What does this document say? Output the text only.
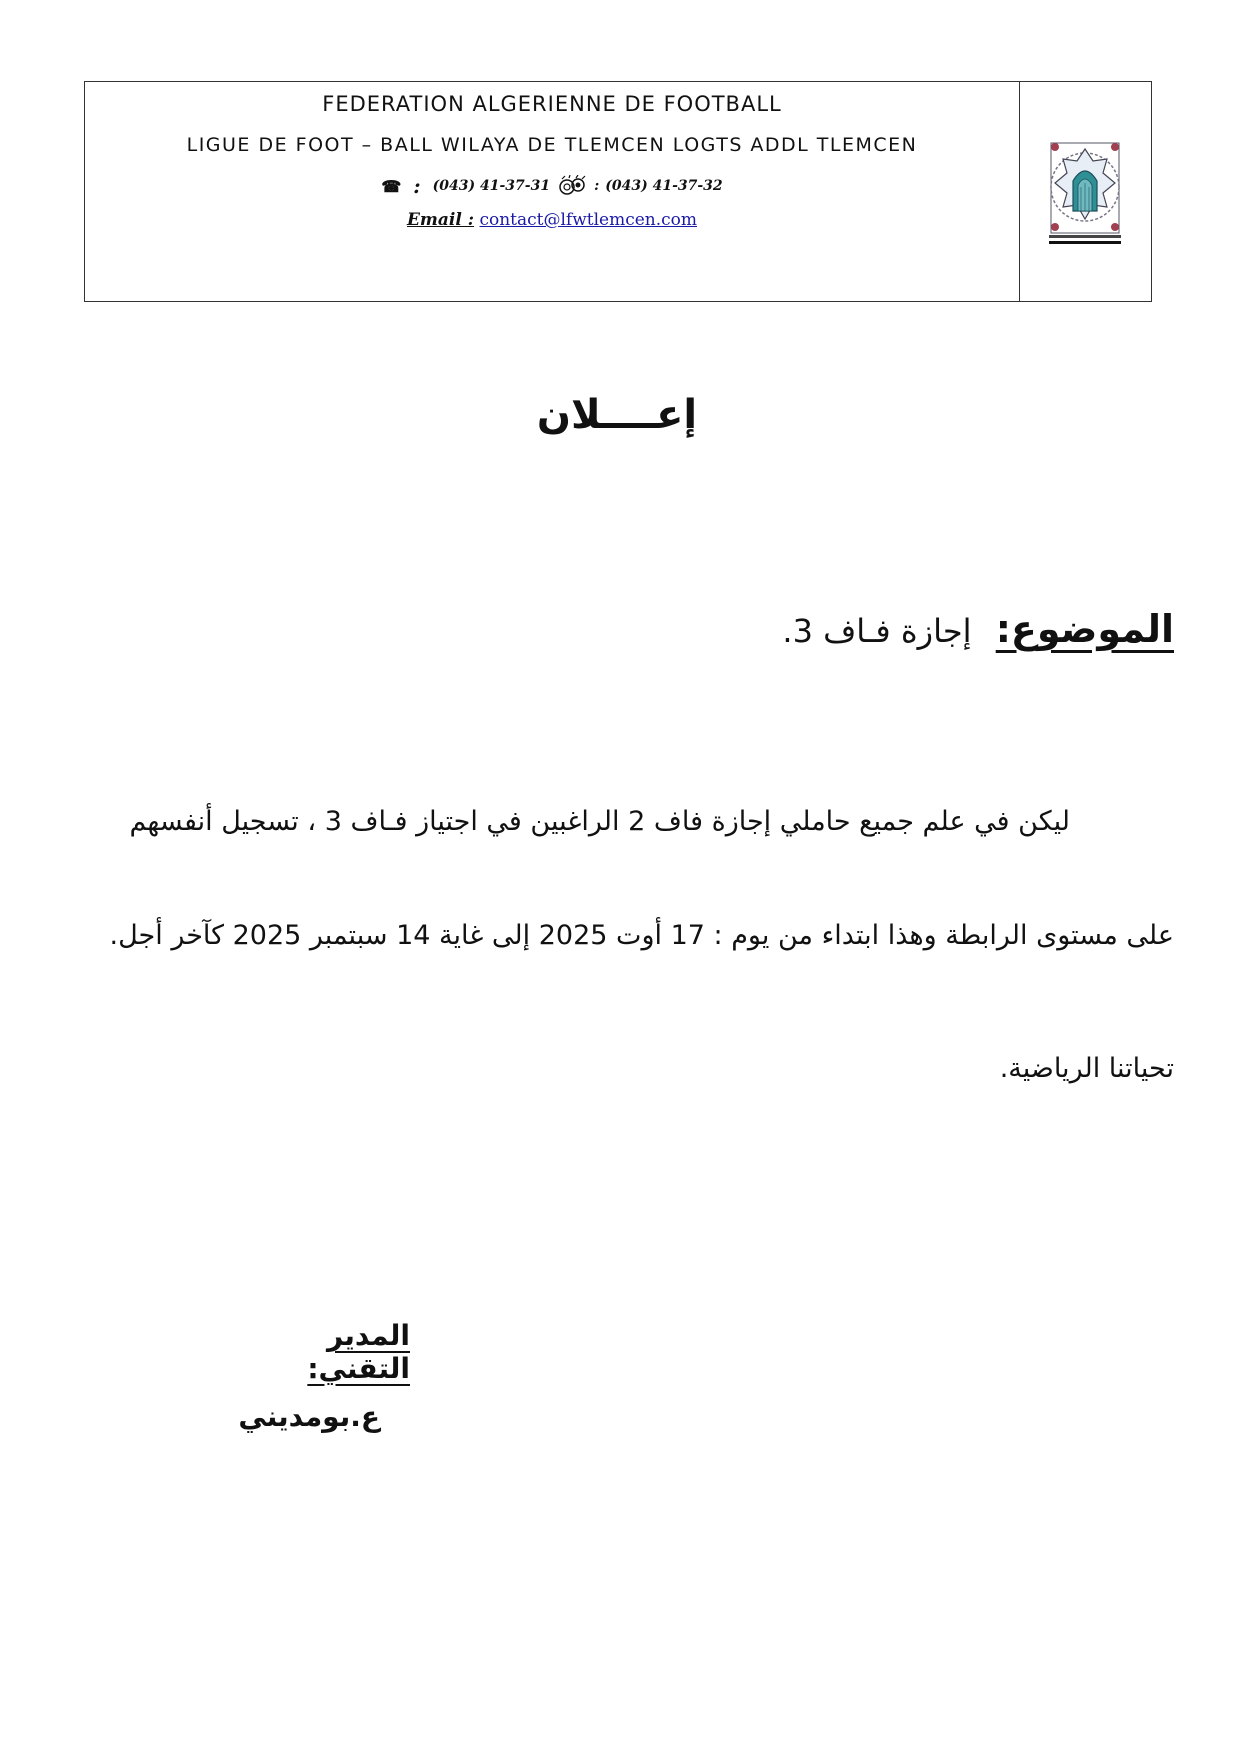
FEDERATION ALGERIENNE DE FOOTBALL
LIGUE DE FOOT – BALL WILAYA DE TLEMCEN LOGTS ADDL TLEMCEN
☎ : (043) 41-37-31	: (043) 41-37-32
Email : contact@lfwtlemcen.com
إعــــلان
الموضوع: إجازة فـاف 3.
ليكن في علم جميع حاملي إجازة فاف 2 الراغبين في اجتياز فـاف 3 ، تسجيل أنفسهم
على مستوى الرابطة وهذا ابتداء من يوم : 17 أوت 2025 إلى غاية 14 سبتمبر 2025 كآخر أجل.
تحياتنا الرياضية.
المدير التقني:
ع.بومديني
